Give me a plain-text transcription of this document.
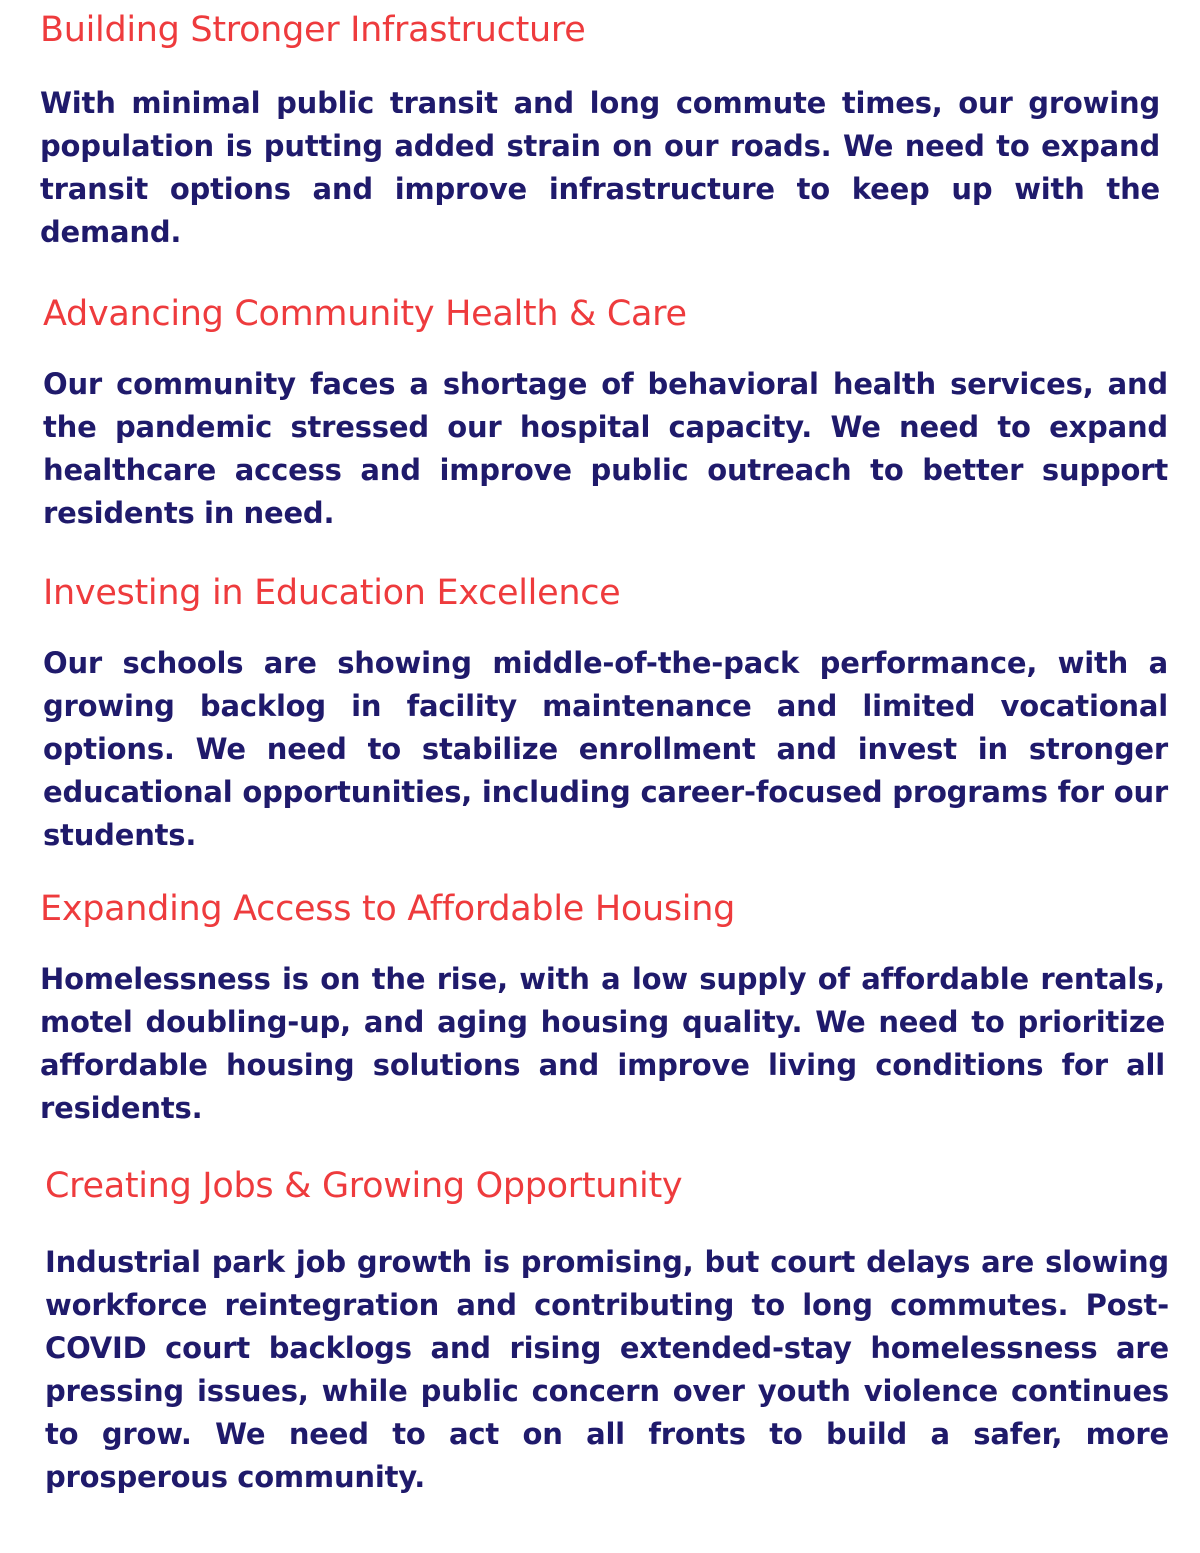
Building Stronger Infrastructure

With minimal public transit and long commute times, our growing population is putting added strain on our roads. We need to expand transit options and improve infrastructure to keep up with the demand.

Advancing Community Health & Care

Our community faces a shortage of behavioral health services, and the pandemic stressed our hospital capacity. We need to expand healthcare access and improve public outreach to better support residents in need.

Investing in Education Excellence

Our schools are showing middle-of-the-pack performance, with a growing backlog in facility maintenance and limited vocational options. We need to stabilize enrollment and invest in stronger educational opportunities, including career-focused programs for our students.

Expanding Access to Affordable Housing

Homelessness is on the rise, with a low supply of affordable rentals, motel doubling-up, and aging housing quality. We need to prioritize affordable housing solutions and improve living conditions for all residents.

Creating Jobs & Growing Opportunity

Industrial park job growth is promising, but court delays are slowing workforce reintegration and contributing to long commutes. Post-COVID court backlogs and rising extended-stay homelessness are pressing issues, while public concern over youth violence continues to grow. We need to act on all fronts to build a safer, more prosperous community.
